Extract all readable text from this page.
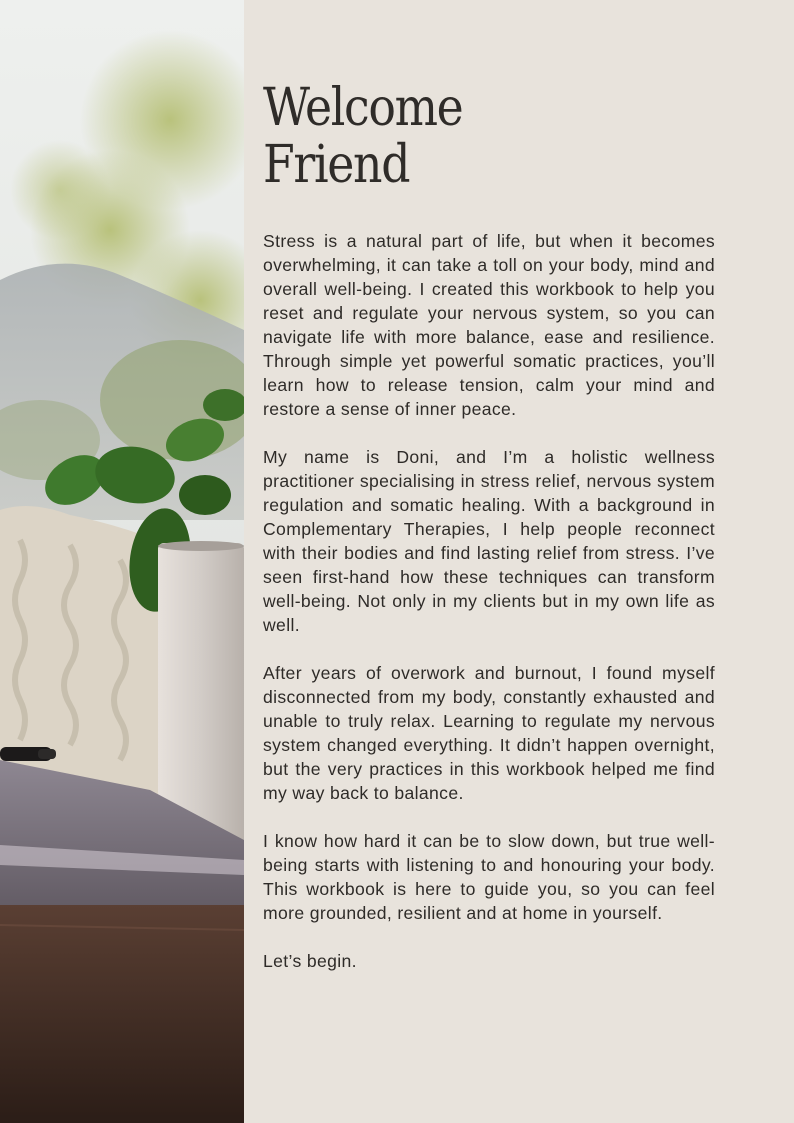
Welcome
Friend

Stress is a natural part of life, but when it becomes overwhelming, it can take a toll on your body, mind and overall well-being. I created this workbook to help you reset and regulate your nervous system, so you can navigate life with more balance, ease and resilience. Through simple yet powerful somatic practices, you’ll learn how to release tension, calm your mind and restore a sense of inner peace.

My name is Doni, and I’m a holistic wellness practitioner specialising in stress relief, nervous system regulation and somatic healing. With a background in Complementary Therapies, I help people reconnect with their bodies and find lasting relief from stress. I’ve seen first-hand how these techniques can transform well-being. Not only in my clients but in my own life as well.

After years of overwork and burnout, I found myself disconnected from my body, constantly exhausted and unable to truly relax. Learning to regulate my nervous system changed everything. It didn’t happen overnight, but the very practices in this workbook helped me find my way back to balance.

I know how hard it can be to slow down, but true well-being starts with listening to and honouring your body. This workbook is here to guide you, so you can feel more grounded, resilient and at home in yourself.

Let’s begin.
